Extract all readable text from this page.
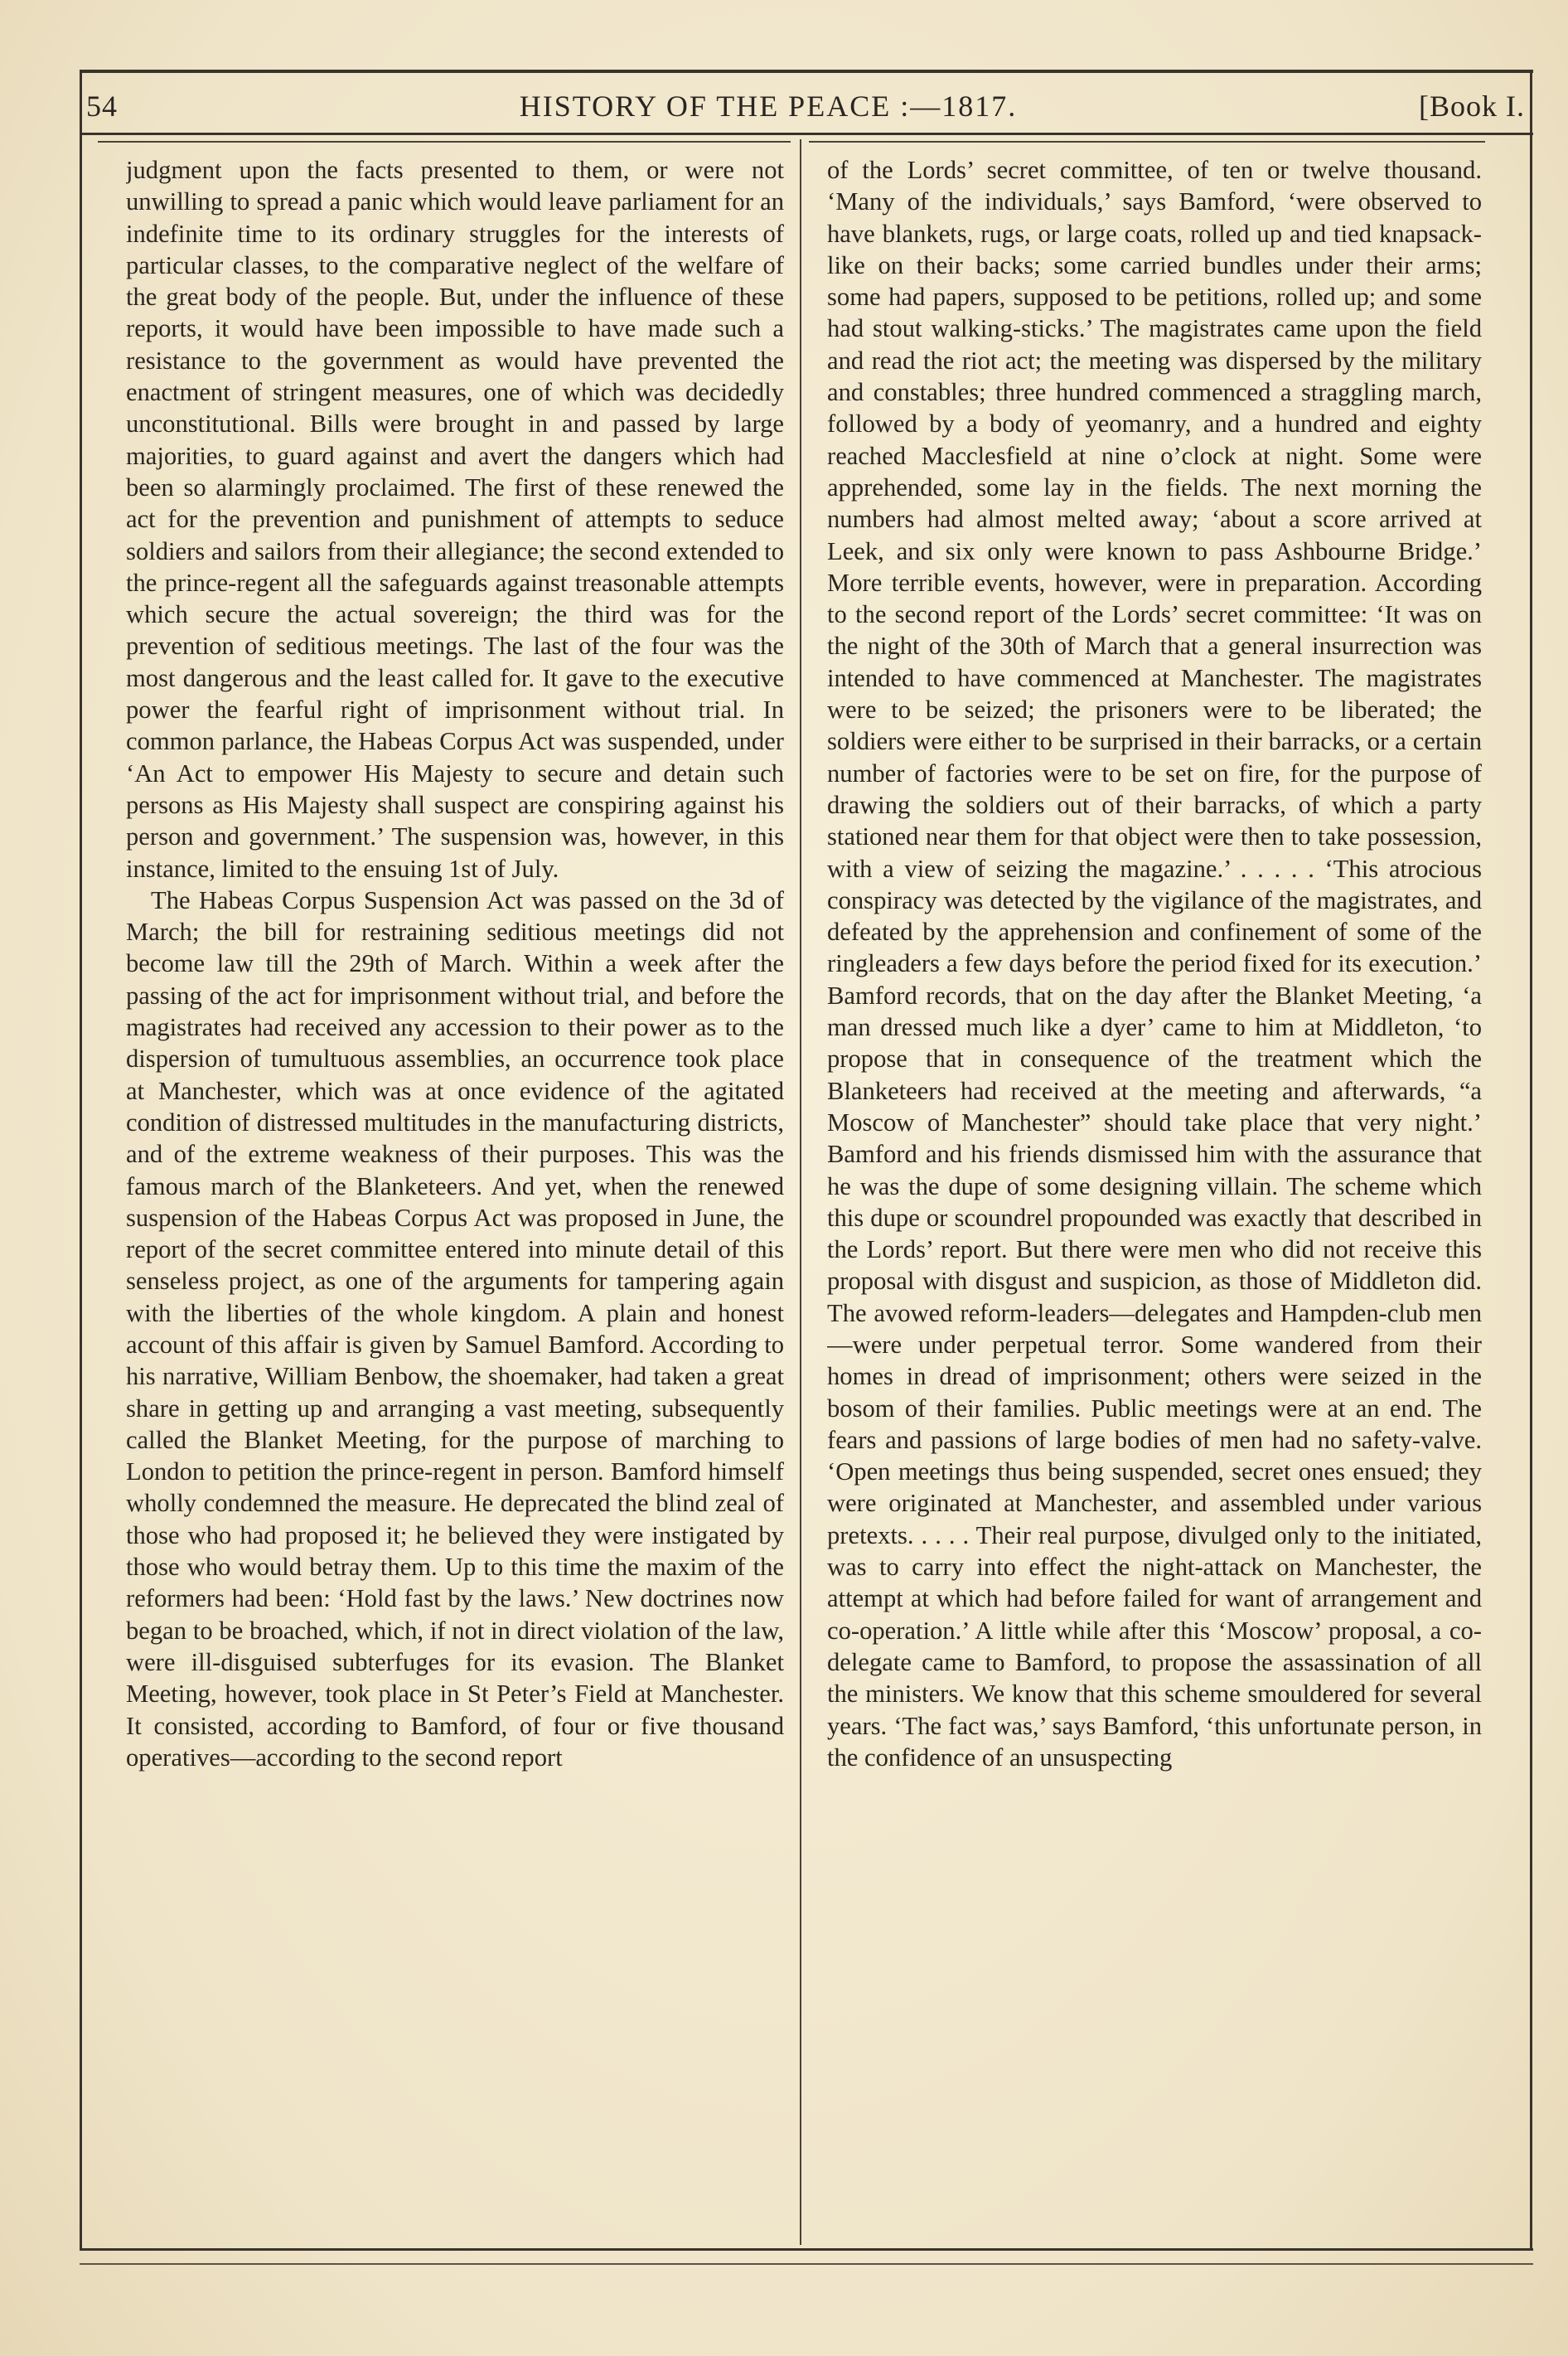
54	HISTORY OF THE PEACE :—1817.	[Book I.

judgment upon the facts presented to them, or were not unwilling to spread a panic which would leave parliament for an indefinite time to its ordinary struggles for the interests of particular classes, to the comparative neglect of the welfare of the great body of the people. But, under the influence of these reports, it would have been impossible to have made such a resistance to the government as would have prevented the enactment of stringent measures, one of which was decidedly unconstitutional. Bills were brought in and passed by large majorities, to guard against and avert the dangers which had been so alarmingly proclaimed. The first of these renewed the act for the prevention and punishment of attempts to seduce soldiers and sailors from their allegiance; the second extended to the prince-regent all the safeguards against treasonable attempts which secure the actual sovereign; the third was for the prevention of seditious meetings. The last of the four was the most dangerous and the least called for. It gave to the executive power the fearful right of imprisonment without trial. In common parlance, the Habeas Corpus Act was suspended, under ‘An Act to empower His Majesty to secure and detain such persons as His Majesty shall suspect are conspiring against his person and government.’ The suspension was, however, in this instance, limited to the ensuing 1st of July.

The Habeas Corpus Suspension Act was passed on the 3d of March; the bill for restraining seditious meetings did not become law till the 29th of March. Within a week after the passing of the act for imprisonment without trial, and before the magistrates had received any accession to their power as to the dispersion of tumultuous assemblies, an occurrence took place at Manchester, which was at once evidence of the agitated condition of distressed multitudes in the manufacturing districts, and of the extreme weakness of their purposes. This was the famous march of the Blanketeers. And yet, when the renewed suspension of the Habeas Corpus Act was proposed in June, the report of the secret committee entered into minute detail of this senseless project, as one of the arguments for tampering again with the liberties of the whole kingdom. A plain and honest account of this affair is given by Samuel Bamford. According to his narrative, William Benbow, the shoemaker, had taken a great share in getting up and arranging a vast meeting, subsequently called the Blanket Meeting, for the purpose of marching to London to petition the prince-regent in person. Bamford himself wholly condemned the measure. He deprecated the blind zeal of those who had proposed it; he believed they were instigated by those who would betray them. Up to this time the maxim of the reformers had been: ‘Hold fast by the laws.’ New doctrines now began to be broached, which, if not in direct violation of the law, were ill-disguised subterfuges for its evasion. The Blanket Meeting, however, took place in St Peter’s Field at Manchester. It consisted, according to Bamford, of four or five thousand operatives—according to the second report

of the Lords’ secret committee, of ten or twelve thousand. ‘Many of the individuals,’ says Bamford, ‘were observed to have blankets, rugs, or large coats, rolled up and tied knapsack-like on their backs; some carried bundles under their arms; some had papers, supposed to be petitions, rolled up; and some had stout walking-sticks.’ The magistrates came upon the field and read the riot act; the meeting was dispersed by the military and constables; three hundred commenced a straggling march, followed by a body of yeomanry, and a hundred and eighty reached Macclesfield at nine o’clock at night. Some were apprehended, some lay in the fields. The next morning the numbers had almost melted away; ‘about a score arrived at Leek, and six only were known to pass Ashbourne Bridge.’ More terrible events, however, were in preparation. According to the second report of the Lords’ secret committee: ‘It was on the night of the 30th of March that a general insurrection was intended to have commenced at Manchester. The magistrates were to be seized; the prisoners were to be liberated; the soldiers were either to be surprised in their barracks, or a certain number of factories were to be set on fire, for the purpose of drawing the soldiers out of their barracks, of which a party stationed near them for that object were then to take possession, with a view of seizing the magazine.’ . . . . . ‘This atrocious conspiracy was detected by the vigilance of the magistrates, and defeated by the apprehension and confinement of some of the ringleaders a few days before the period fixed for its execution.’ Bamford records, that on the day after the Blanket Meeting, ‘a man dressed much like a dyer’ came to him at Middleton, ‘to propose that in consequence of the treatment which the Blanketeers had received at the meeting and afterwards, “a Moscow of Manchester” should take place that very night.’ Bamford and his friends dismissed him with the assurance that he was the dupe of some designing villain. The scheme which this dupe or scoundrel propounded was exactly that described in the Lords’ report. But there were men who did not receive this proposal with disgust and suspicion, as those of Middleton did. The avowed reform-leaders—delegates and Hampden-club men—were under perpetual terror. Some wandered from their homes in dread of imprisonment; others were seized in the bosom of their families. Public meetings were at an end. The fears and passions of large bodies of men had no safety-valve. ‘Open meetings thus being suspended, secret ones ensued; they were originated at Manchester, and assembled under various pretexts. . . . . Their real purpose, divulged only to the initiated, was to carry into effect the night-attack on Manchester, the attempt at which had before failed for want of arrangement and co-operation.’ A little while after this ‘Moscow’ proposal, a co-delegate came to Bamford, to propose the assassination of all the ministers. We know that this scheme smouldered for several years. ‘The fact was,’ says Bamford, ‘this unfortunate person, in the confidence of an unsuspecting
